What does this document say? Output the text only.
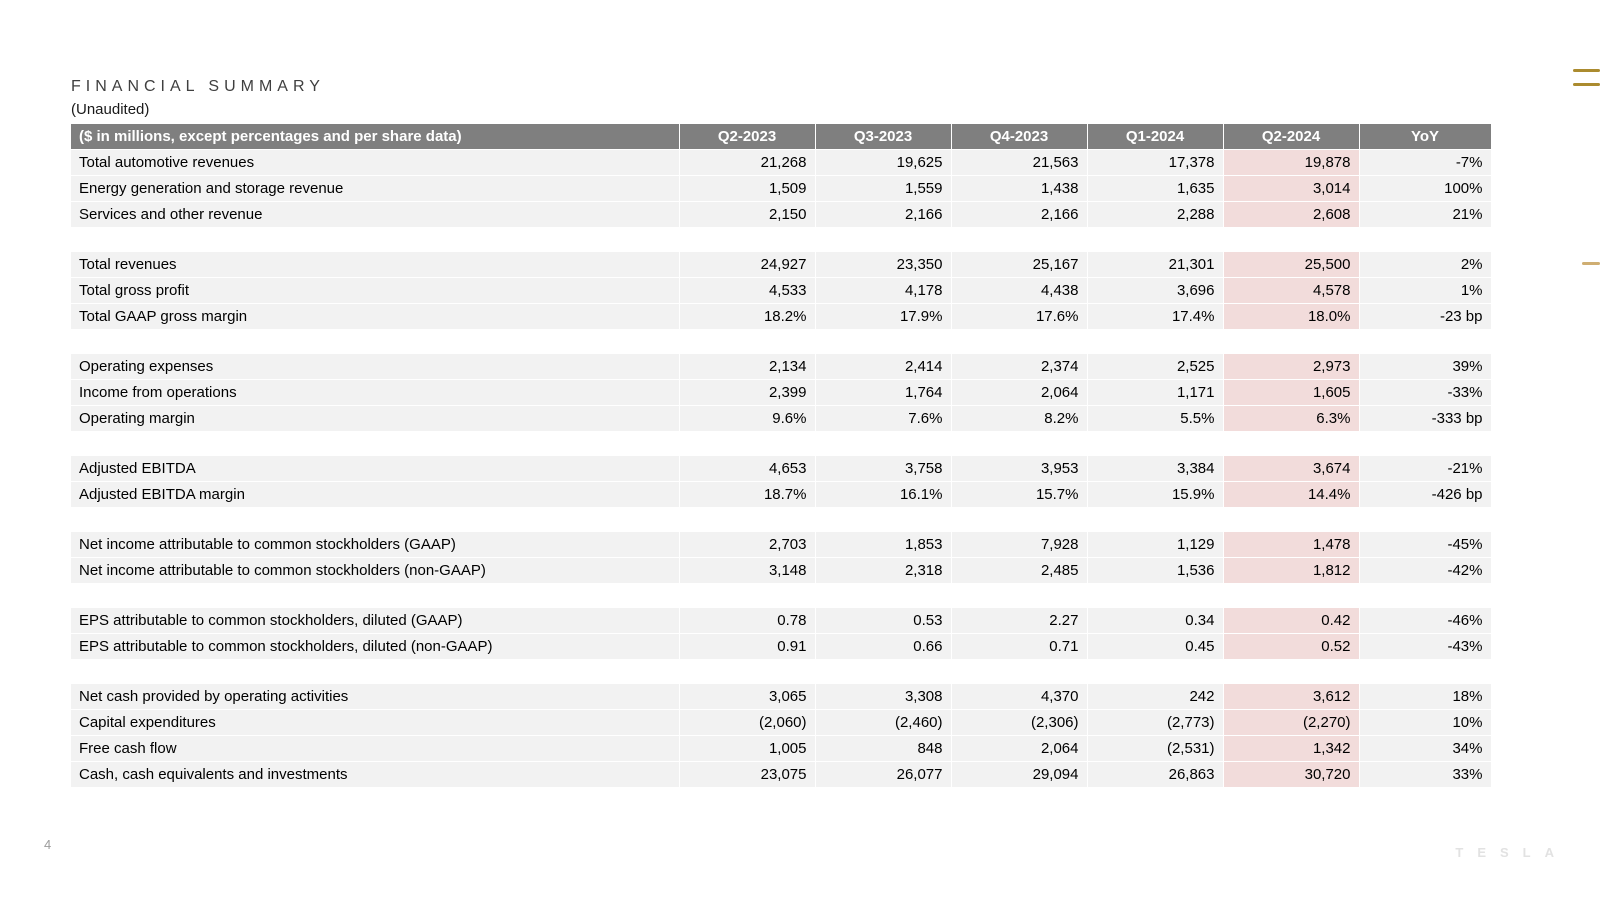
FINANCIAL SUMMARY
(Unaudited)
($ in millions, except percentages and per share data)	Q2-2023	Q3-2023	Q4-2023	Q1-2024	Q2-2024	YoY
Total automotive revenues	21,268	19,625	21,563	17,378	19,878	-7%
Energy generation and storage revenue	1,509	1,559	1,438	1,635	3,014	100%
Services and other revenue	2,150	2,166	2,166	2,288	2,608	21%

Total revenues	24,927	23,350	25,167	21,301	25,500	2%
Total gross profit	4,533	4,178	4,438	3,696	4,578	1%
Total GAAP gross margin	18.2%	17.9%	17.6%	17.4%	18.0%	-23 bp

Operating expenses	2,134	2,414	2,374	2,525	2,973	39%
Income from operations	2,399	1,764	2,064	1,171	1,605	-33%
Operating margin	9.6%	7.6%	8.2%	5.5%	6.3%	-333 bp

Adjusted EBITDA	4,653	3,758	3,953	3,384	3,674	-21%
Adjusted EBITDA margin	18.7%	16.1%	15.7%	15.9%	14.4%	-426 bp

Net income attributable to common stockholders (GAAP)	2,703	1,853	7,928	1,129	1,478	-45%
Net income attributable to common stockholders (non-GAAP)	3,148	2,318	2,485	1,536	1,812	-42%

EPS attributable to common stockholders, diluted (GAAP)	0.78	0.53	2.27	0.34	0.42	-46%
EPS attributable to common stockholders, diluted (non-GAAP)	0.91	0.66	0.71	0.45	0.52	-43%

Net cash provided by operating activities	3,065	3,308	4,370	242	3,612	18%
Capital expenditures	(2,060)	(2,460)	(2,306)	(2,773)	(2,270)	10%
Free cash flow	1,005	848	2,064	(2,531)	1,342	34%
Cash, cash equivalents and investments	23,075	26,077	29,094	26,863	30,720	33%
4
TESLA
